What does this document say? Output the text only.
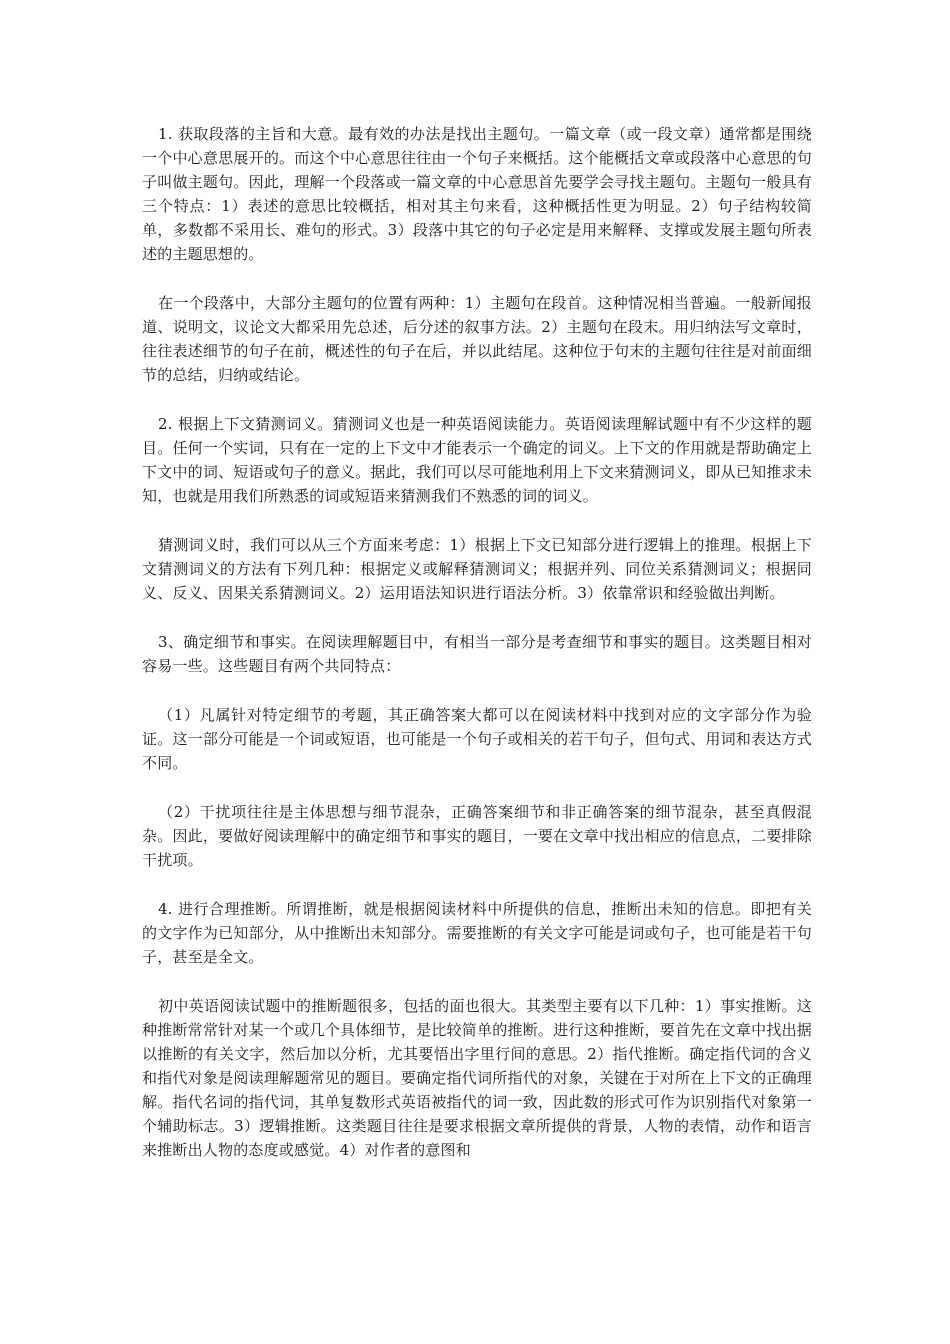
1. 获取段落的主旨和大意。最有效的办法是找出主题句。一篇文章（或一段文章）通常都是围绕一个中心意思展开的。而这个中心意思往往由一个句子来概括。这个能概括文章或段落中心意思的句子叫做主题句。因此，理解一个段落或一篇文章的中心意思首先要学会寻找主题句。主题句一般具有三个特点：1）表述的意思比较概括，相对其主句来看，这种概括性更为明显。2）句子结构较简单，多数都不采用长、难句的形式。3）段落中其它的句子必定是用来解释、支撑或发展主题句所表述的主题思想的。

在一个段落中，大部分主题句的位置有两种：1）主题句在段首。这种情况相当普遍。一般新闻报道、说明文，议论文大都采用先总述，后分述的叙事方法。2）主题句在段末。用归纳法写文章时，往往表述细节的句子在前，概述性的句子在后，并以此结尾。这种位于句末的主题句往往是对前面细节的总结，归纳或结论。

2. 根据上下文猜测词义。猜测词义也是一种英语阅读能力。英语阅读理解试题中有不少这样的题目。任何一个实词，只有在一定的上下文中才能表示一个确定的词义。上下文的作用就是帮助确定上下文中的词、短语或句子的意义。据此，我们可以尽可能地利用上下文来猜测词义，即从已知推求未知，也就是用我们所熟悉的词或短语来猜测我们不熟悉的词的词义。

猜测词义时，我们可以从三个方面来考虑：1）根据上下文已知部分进行逻辑上的推理。根据上下文猜测词义的方法有下列几种：根据定义或解释猜测词义；根据并列、同位关系猜测词义；根据同义、反义、因果关系猜测词义。2）运用语法知识进行语法分析。3）依靠常识和经验做出判断。

3、确定细节和事实。在阅读理解题目中，有相当一部分是考查细节和事实的题目。这类题目相对容易一些。这些题目有两个共同特点：

（1）凡属针对特定细节的考题，其正确答案大都可以在阅读材料中找到对应的文字部分作为验证。这一部分可能是一个词或短语，也可能是一个句子或相关的若干句子，但句式、用词和表达方式不同。

（2）干扰项往往是主体思想与细节混杂，正确答案细节和非正确答案的细节混杂，甚至真假混杂。因此，要做好阅读理解中的确定细节和事实的题目，一要在文章中找出相应的信息点，二要排除干扰项。

4. 进行合理推断。所谓推断，就是根据阅读材料中所提供的信息，推断出未知的信息。即把有关的文字作为已知部分，从中推断出未知部分。需要推断的有关文字可能是词或句子，也可能是若干句子，甚至是全文。

初中英语阅读试题中的推断题很多，包括的面也很大。其类型主要有以下几种：1）事实推断。这种推断常常针对某一个或几个具体细节，是比较简单的推断。进行这种推断，要首先在文章中找出据以推断的有关文字，然后加以分析，尤其要悟出字里行间的意思。2）指代推断。确定指代词的含义和指代对象是阅读理解题常见的题目。要确定指代词所指代的对象，关键在于对所在上下文的正确理解。指代名词的指代词，其单复数形式英语被指代的词一致，因此数的形式可作为识别指代对象第一个辅助标志。3）逻辑推断。这类题目往往是要求根据文章所提供的背景，人物的表情，动作和语言来推断出人物的态度或感觉。4）对作者的意图和
